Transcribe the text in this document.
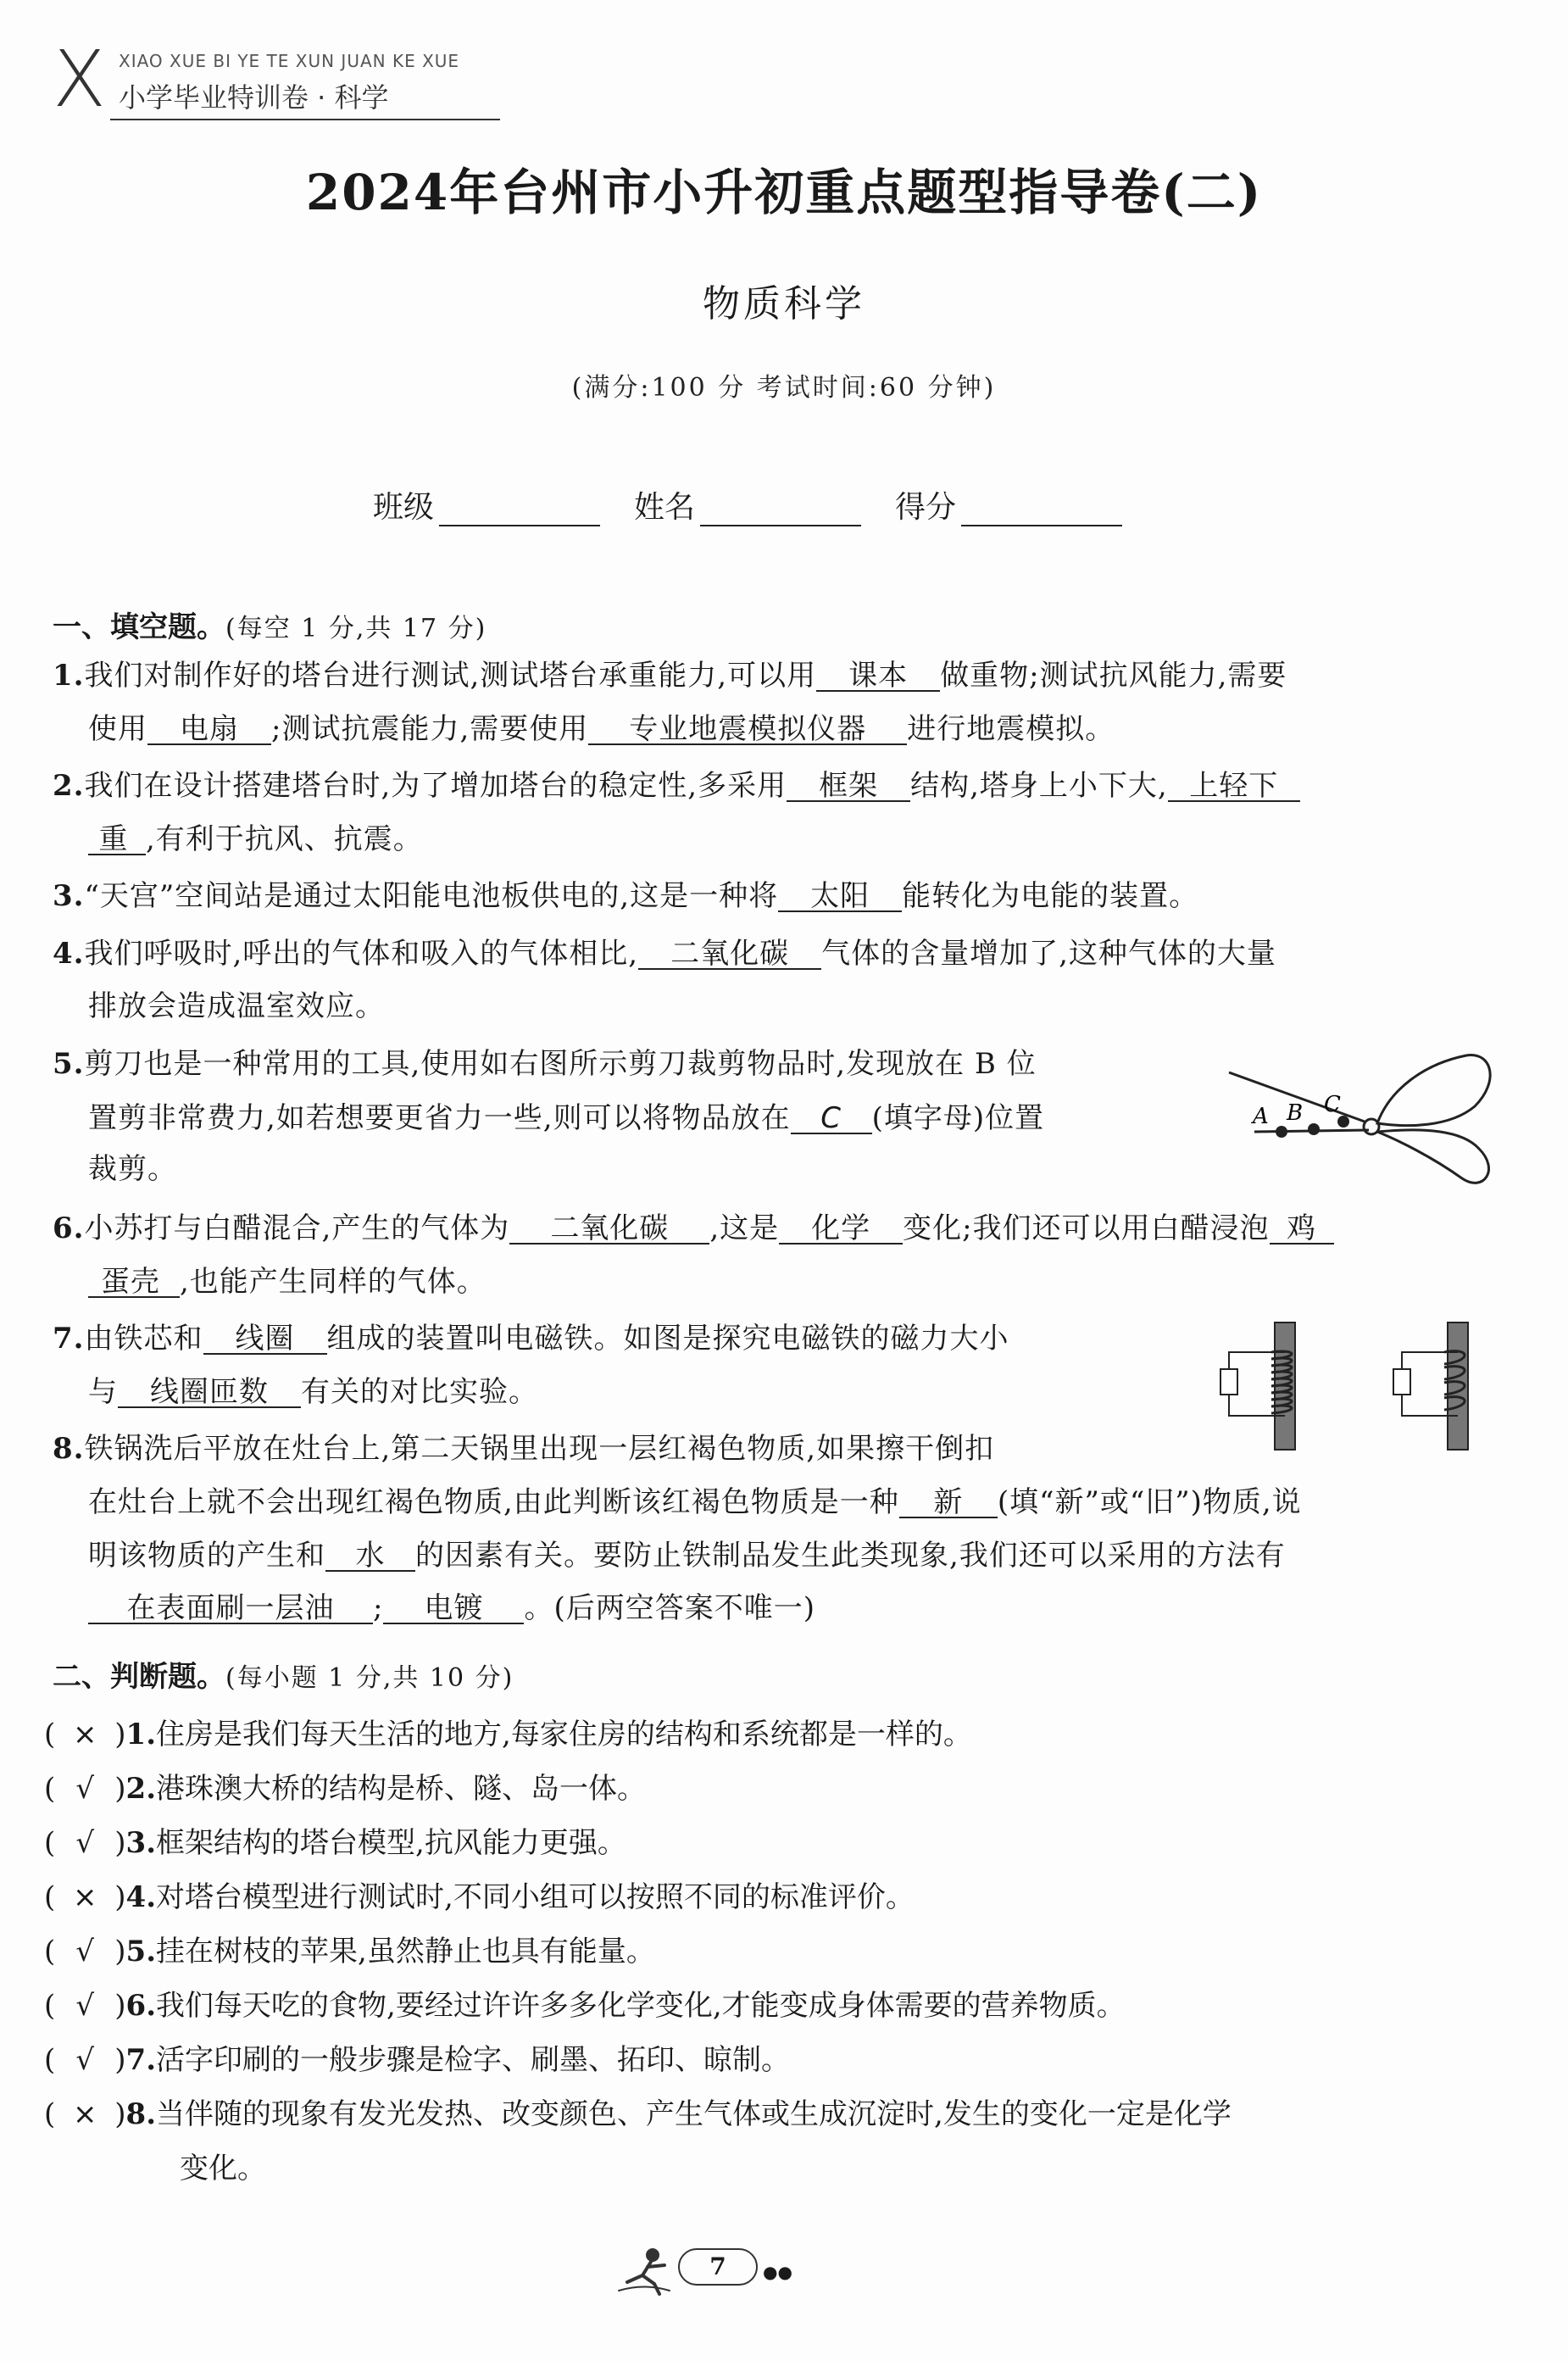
X XIAO XUE BI YE TE XUN JUAN KE XUE
小学毕业特训卷 · 科学
2024年台州市小升初重点题型指导卷(二)
物质科学
(满分:100 分 考试时间:60 分钟)
班级	姓名	得分
一、填空题。(每空 1 分,共 17 分)
1.我们对制作好的塔台进行测试,测试塔台承重能力,可以用 课本 做重物;测试抗风能力,需要
使用 电扇 ;测试抗震能力,需要使用 专业地震模拟仪器 进行地震模拟。
2.我们在设计搭建塔台时,为了增加塔台的稳定性,多采用 框架 结构,塔身上小下大, 上轻下
重 ,有利于抗风、抗震。
3.“天宫”空间站是通过太阳能电池板供电的,这是一种将 太阳 能转化为电能的装置。
4.我们呼吸时,呼出的气体和吸入的气体相比, 二氧化碳 气体的含量增加了,这种气体的大量
排放会造成温室效应。
5.剪刀也是一种常用的工具,使用如右图所示剪刀裁剪物品时,发现放在 B 位
置剪非常费力,如若想要更省力一些,则可以将物品放在 C (填字母)位置
裁剪。
A B C
6.小苏打与白醋混合,产生的气体为 二氧化碳 ,这是 化学 变化;我们还可以用白醋浸泡 鸡
蛋壳 ,也能产生同样的气体。
7.由铁芯和 线圈 组成的装置叫电磁铁。如图是探究电磁铁的磁力大小
与 线圈匝数 有关的对比实验。
8.铁锅洗后平放在灶台上,第二天锅里出现一层红褐色物质,如果擦干倒扣
在灶台上就不会出现红褐色物质,由此判断该红褐色物质是一种 新 (填“新”或“旧”)物质,说
明该物质的产生和 水 的因素有关。要防止铁制品发生此类现象,我们还可以采用的方法有
在表面刷一层油 ; 电镀 。(后两空答案不唯一)
二、判断题。(每小题 1 分,共 10 分)
( × )1.住房是我们每天生活的地方,每家住房的结构和系统都是一样的。
( √ )2.港珠澳大桥的结构是桥、隧、岛一体。
( √ )3.框架结构的塔台模型,抗风能力更强。
( × )4.对塔台模型进行测试时,不同小组可以按照不同的标准评价。
( √ )5.挂在树枝的苹果,虽然静止也具有能量。
( √ )6.我们每天吃的食物,要经过许许多多化学变化,才能变成身体需要的营养物质。
( √ )7.活字印刷的一般步骤是检字、刷墨、拓印、晾制。
( × )8.当伴随的现象有发光发热、改变颜色、产生气体或生成沉淀时,发生的变化一定是化学
变化。
7	●●
